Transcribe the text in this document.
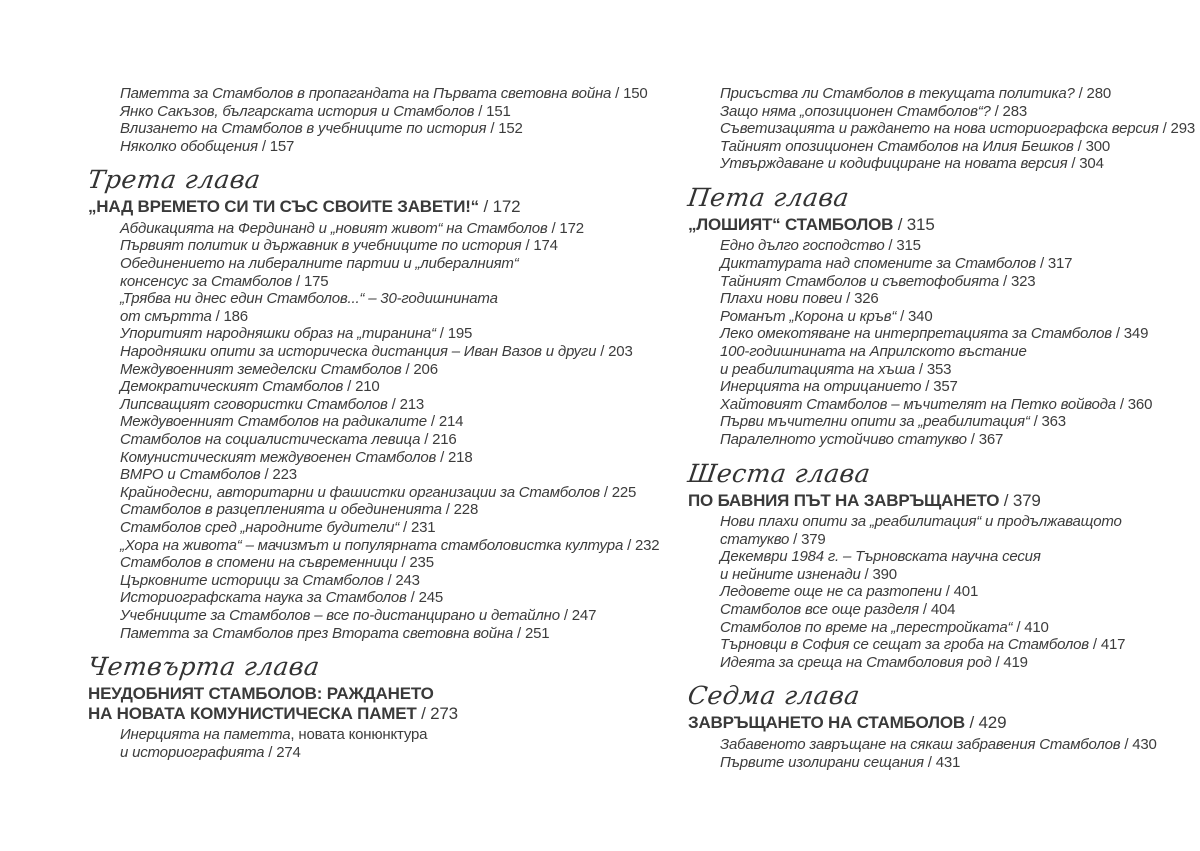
Паметта за Стамболов в пропагандата на Първата световна война / 150
Янко Сакъзов, българската история и Стамболов / 151
Влизането на Стамболов в учебниците по история / 152
Няколко обобщения / 157
Трета глава
„НАД ВРЕМЕТО СИ ТИ СЪС СВОИТЕ ЗАВЕТИ!“ / 172
Абдикацията на Фердинанд и „новият живот“ на Стамболов / 172
Първият политик и държавник в учебниците по история / 174
Обединението на либералните партии и „либералният“
консенсус за Стамболов / 175
„Трябва ни днес един Стамболов...“ – 30-годишнината
от смъртта / 186
Упоритият народняшки образ на „тиранина“ / 195
Народняшки опити за историческа дистанция – Иван Вазов и други / 203
Междувоенният земеделски Стамболов / 206
Демократическият Стамболов / 210
Липсващият сговористки Стамболов / 213
Междувоенният Стамболов на радикалите / 214
Стамболов на социалистическата левица / 216
Комунистическият междувоенен Стамболов / 218
ВМРО и Стамболов / 223
Крайнодесни, авторитарни и фашистки организации за Стамболов / 225
Стамболов в разцепленията и обединенията / 228
Стамболов сред „народните будители“ / 231
„Хора на живота“ – мачизмът и популярната стамболовистка култура / 232
Стамболов в спомени на съвременници / 235
Църковните историци за Стамболов / 243
Историографската наука за Стамболов / 245
Учебниците за Стамболов – все по-дистанцирано и детайлно / 247
Паметта за Стамболов през Втората световна война / 251
Четвърта глава
НЕУДОБНИЯТ СТАМБОЛОВ: РАЖДАНЕТО
НА НОВАТА КОМУНИСТИЧЕСКА ПАМЕТ / 273
Инерцията на паметта, новата конюнктура
и историографията / 274
Присъства ли Стамболов в текущата политика? / 280
Защо няма „опозиционен Стамболов“? / 283
Съветизацията и раждането на нова историографска версия / 293
Тайният опозиционен Стамболов на Илия Бешков / 300
Утвърждаване и кодифициране на новата версия / 304
Пета глава
„ЛОШИЯТ“ СТАМБОЛОВ / 315
Едно дълго господство / 315
Диктатурата над спомените за Стамболов / 317
Тайният Стамболов и съветофобията / 323
Плахи нови повеи / 326
Романът „Корона и кръв“ / 340
Леко омекотяване на интерпретацията за Стамболов / 349
100-годишнината на Априлското въстание
и реабилитацията на хъша / 353
Инерцията на отрицанието / 357
Хайтовият Стамболов – мъчителят на Петко войвода / 360
Първи мъчителни опити за „реабилитация“ / 363
Паралелното устойчиво статукво / 367
Шеста глава
ПО БАВНИЯ ПЪТ НА ЗАВРЪЩАНЕТО / 379
Нови плахи опити за „реабилитация“ и продължаващото
статукво / 379
Декември 1984 г. – Търновската научна сесия
и нейните изненади / 390
Ледовете още не са разтопени / 401
Стамболов все още разделя / 404
Стамболов по време на „перестройката“ / 410
Търновци в София се сещат за гроба на Стамболов / 417
Идеята за среща на Стамболовия род / 419
Седма глава
ЗАВРЪЩАНЕТО НА СТАМБОЛОВ / 429
Забавеното завръщане на сякаш забравения Стамболов / 430
Първите изолирани сещания / 431
